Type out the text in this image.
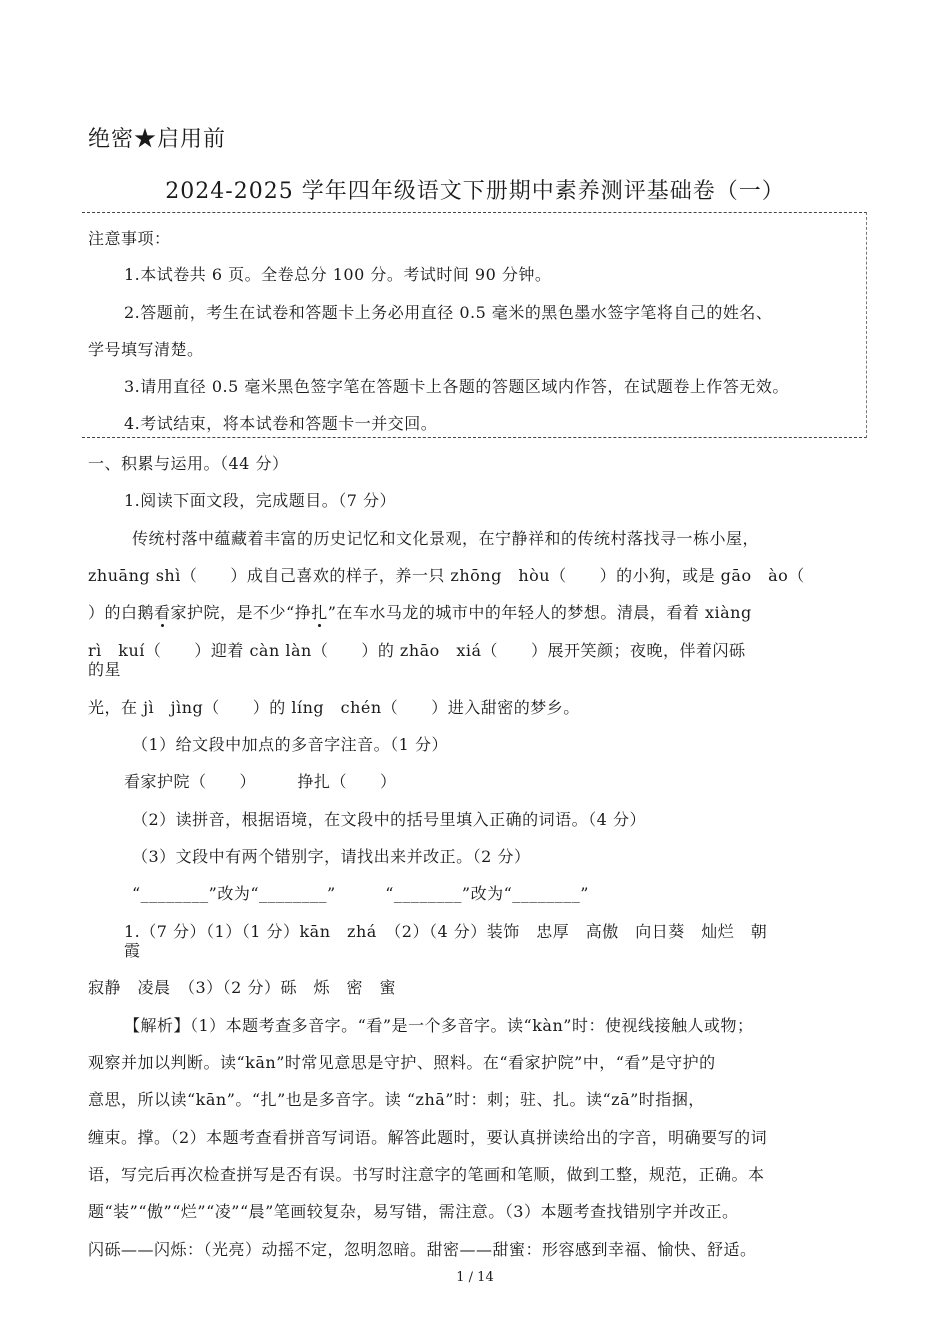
绝密★启用前
2024-2025 学年四年级语文下册期中素养测评基础卷（一）
注意事项：
1.本试卷共 6 页。全卷总分 100 分。考试时间 90 分钟。
2.答题前，考生在试卷和答题卡上务必用直径 0.5 毫米的黑色墨水签字笔将自己的姓名、
学号填写清楚。
3.请用直径 0.5 毫米黑色签字笔在答题卡上各题的答题区域内作答，在试题卷上作答无效。
4.考试结束，将本试卷和答题卡一并交回。
一、积累与运用。（44 分）
1.阅读下面文段，完成题目。（7 分）
传统村落中蕴藏着丰富的历史记忆和文化景观，在宁静祥和的传统村落找寻一栋小屋，
zhuāng shì（　　）成自己喜欢的样子，养一只 zhōng　hòu（　　）的小狗，或是 gāo　ào（
）的白鹅看家护院，是不少“挣扎”在车水马龙的城市中的年轻人的梦想。清晨，看着 xiàng
rì　kuí（　　）迎着 càn làn（　　）的 zhāo　xiá（　　）展开笑颜；夜晚，伴着闪砾
的星
光，在 jì　jìng（　　）的 líng　chén（　　）进入甜密的梦乡。
（1）给文段中加点的多音字注音。（1 分）
看家护院（　　）　　　挣扎（　　）
（2）读拼音，根据语境，在文段中的括号里填入正确的词语。（4 分）
（3）文段中有两个错别字，请找出来并改正。（2 分）
“________”改为“________”　　　“________”改为“________”
1.（7 分）（1）（1 分）kān　zhá　（2）（4 分）装饰　忠厚　高傲　向日葵　灿烂　朝
霞
寂静　凌晨　（3）（2 分）砾　烁　密　蜜
【解析】（1）本题考查多音字。“看”是一个多音字。读“kàn”时：使视线接触人或物；
观察并加以判断。读“kān”时常见意思是守护、照料。在“看家护院”中，“看”是守护的
意思，所以读“kān”。“扎”也是多音字。读 “zhā”时：刺；驻、扎。读“zā”时指捆，
缠束。撑。（2）本题考查看拼音写词语。解答此题时，要认真拼读给出的字音，明确要写的词
语，写完后再次检查拼写是否有误。书写时注意字的笔画和笔顺，做到工整，规范，正确。本
题“装”“傲”“烂”“凌”“晨”笔画较复杂，易写错，需注意。（3）本题考查找错别字并改正。
闪砾——闪烁：（光亮）动摇不定，忽明忽暗。甜密——甜蜜：形容感到幸福、愉快、舒适。
1 / 14
